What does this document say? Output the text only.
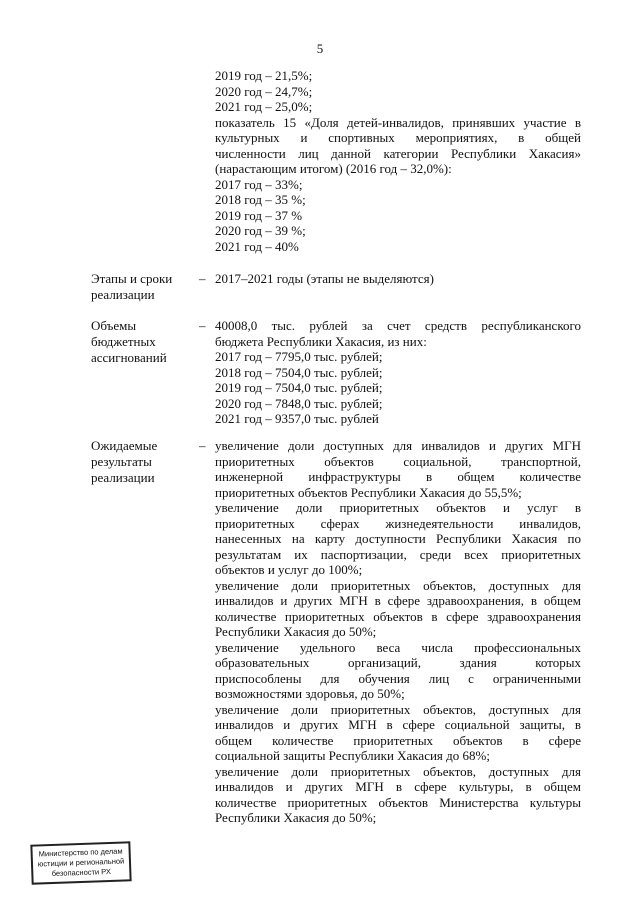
5
2019 год – 21,5%;
2020 год – 24,7%;
2021 год – 25,0%;
показатель 15 «Доля детей-инвалидов, принявших участие в
культурных и спортивных мероприятиях, в общей
численности лиц данной категории Республики Хакасия»
(нарастающим итогом) (2016 год – 32,0%):
2017 год – 33%;
2018 год – 35 %;
2019 год – 37 %
2020 год – 39 %;
2021 год – 40%
Этапы и сроки
реализации
– 2017–2021 годы (этапы не выделяются)
Объемы
бюджетных
ассигнований
– 40008,0 тыс. рублей за счет средств республиканского
бюджета Республики Хакасия, из них:
2017 год – 7795,0 тыс. рублей;
2018 год – 7504,0 тыс. рублей;
2019 год – 7504,0 тыс. рублей;
2020 год – 7848,0 тыс. рублей;
2021 год – 9357,0 тыс. рублей
Ожидаемые
результаты
реализации
– увеличение доли доступных для инвалидов и других МГН
приоритетных объектов социальной, транспортной,
инженерной инфраструктуры в общем количестве
приоритетных объектов Республики Хакасия до 55,5%;
увеличение доли приоритетных объектов и услуг в
приоритетных сферах жизнедеятельности инвалидов,
нанесенных на карту доступности Республики Хакасия по
результатам их паспортизации, среди всех приоритетных
объектов и услуг до 100%;
увеличение доли приоритетных объектов, доступных для
инвалидов и других МГН в сфере здравоохранения, в общем
количестве приоритетных объектов в сфере здравоохранения
Республики Хакасия до 50%;
увеличение удельного веса числа профессиональных
образовательных организаций, здания которых
приспособлены для обучения лиц с ограниченными
возможностями здоровья, до 50%;
увеличение доли приоритетных объектов, доступных для
инвалидов и других МГН в сфере социальной защиты, в
общем количестве приоритетных объектов в сфере
социальной защиты Республики Хакасия до 68%;
увеличение доли приоритетных объектов, доступных для
инвалидов и других МГН в сфере культуры, в общем
количестве приоритетных объектов Министерства культуры
Республики Хакасия до 50%;
Министерство по делам
юстиции и региональной
безопасности РХ
